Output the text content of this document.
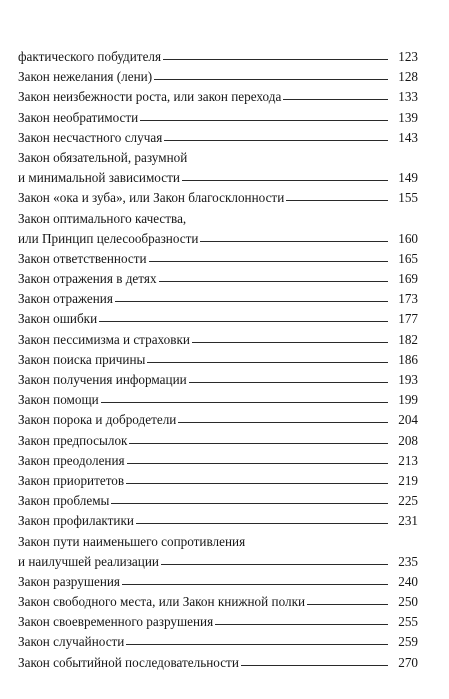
фактического побудителя	123
Закон нежелания (лени)	128
Закон неизбежности роста, или закон перехода	133
Закон необратимости	139
Закон несчастного случая	143
Закон обязательной, разумной
и минимальной зависимости	149
Закон «ока и зуба», или Закон благосклонности	155
Закон оптимального качества,
или Принцип целесообразности	160
Закон ответственности	165
Закон отражения в детях	169
Закон отражения	173
Закон ошибки	177
Закон пессимизма и страховки	182
Закон поиска причины	186
Закон получения информации	193
Закон помощи	199
Закон порока и добродетели	204
Закон предпосылок	208
Закон преодоления	213
Закон приоритетов	219
Закон проблемы	225
Закон профилактики	231
Закон пути наименьшего сопротивления
и наилучшей реализации	235
Закон разрушения	240
Закон свободного места, или Закон книжной полки	250
Закон своевременного разрушения	255
Закон случайности	259
Закон событийной последовательности	270
